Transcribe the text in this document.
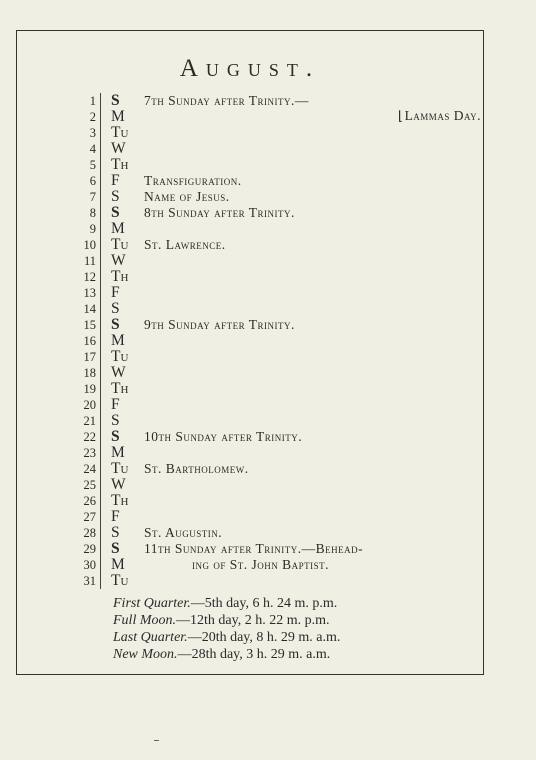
August.
1 S	7th Sunday after Trinity.—
2 M	⌊Lammas Day.
3 Tu
4 W
5 Th
6 F	Transfiguration.
7 S	Name of Jesus.
8 S	8th Sunday after Trinity.
9 M
10 Tu	St. Lawrence.
11 W
12 Th
13 F
14 S
15 S	9th Sunday after Trinity.
16 M
17 Tu
18 W
19 Th
20 F
21 S
22 S	10th Sunday after Trinity.
23 M
24 Tu	St. Bartholomew.
25 W
26 Th
27 F
28 S	St. Augustin.
29 S	11th Sunday after Trinity.—Behead-
30 M	ing of St. John Baptist.
31 Tu
First Quarter.—5th day, 6 h. 24 m. p.m.
Full Moon.—12th day, 2 h. 22 m. p.m.
Last Quarter.—20th day, 8 h. 29 m. a.m.
New Moon.—28th day, 3 h. 29 m. a.m.
